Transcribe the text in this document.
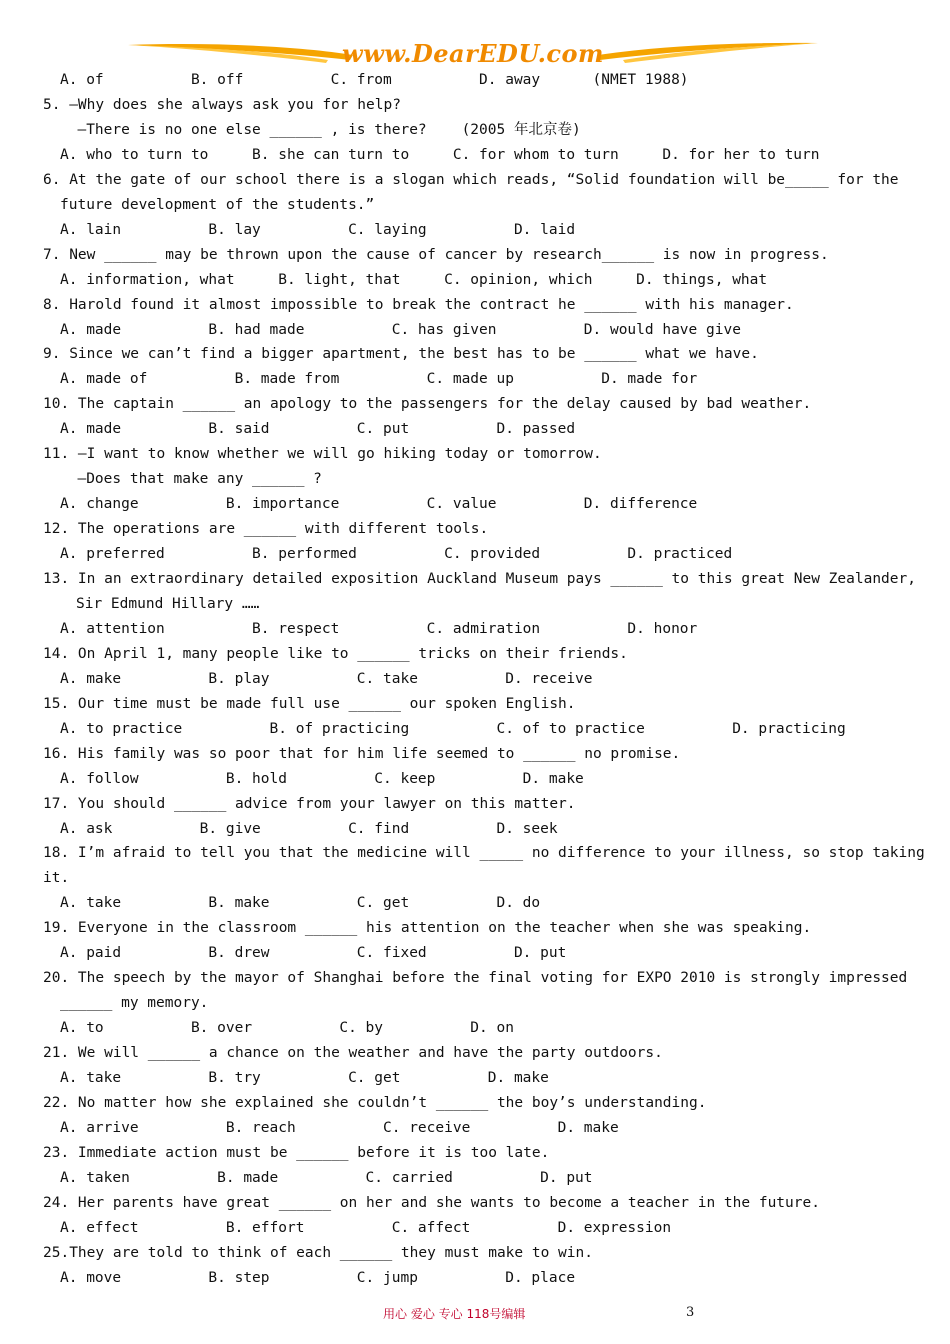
www.DearEDU.com
A. of          B. off          C. from          D. away      (NMET 1988)
5. —Why does she always ask you for help?
—There is no one else ______ , is there?    (2005 年北京卷)
A. who to turn to     B. she can turn to     C. for whom to turn     D. for her to turn
6. At the gate of our school there is a slogan which reads, “Solid foundation will be_____ for the
future development of the students.”
A. lain          B. lay          C. laying          D. laid
7. New ______ may be thrown upon the cause of cancer by research______ is now in progress.
A. information, what     B. light, that     C. opinion, which     D. things, what
8. Harold found it almost impossible to break the contract he ______ with his manager.
A. made          B. had made          C. has given          D. would have give
9. Since we can’t find a bigger apartment, the best has to be ______ what we have.
A. made of          B. made from          C. made up          D. made for
10. The captain ______ an apology to the passengers for the delay caused by bad weather.
A. made          B. said          C. put          D. passed
11. —I want to know whether we will go hiking today or tomorrow.
—Does that make any ______ ?
A. change          B. importance          C. value          D. difference
12. The operations are ______ with different tools.
A. preferred          B. performed          C. provided          D. practiced
13. In an extraordinary detailed exposition Auckland Museum pays ______ to this great New Zealander,
Sir Edmund Hillary ……
A. attention          B. respect          C. admiration          D. honor
14. On April 1, many people like to ______ tricks on their friends.
A. make          B. play          C. take          D. receive
15. Our time must be made full use ______ our spoken English.
A. to practice          B. of practicing          C. of to practice          D. practicing
16. His family was so poor that for him life seemed to ______ no promise.
A. follow          B. hold          C. keep          D. make
17. You should ______ advice from your lawyer on this matter.
A. ask          B. give          C. find          D. seek
18. I’m afraid to tell you that the medicine will _____ no difference to your illness, so stop taking
it.
A. take          B. make          C. get          D. do
19. Everyone in the classroom ______ his attention on the teacher when she was speaking.
A. paid          B. drew          C. fixed          D. put
20. The speech by the mayor of Shanghai before the final voting for EXPO 2010 is strongly impressed
______ my memory.
A. to          B. over          C. by          D. on
21. We will ______ a chance on the weather and have the party outdoors.
A. take          B. try          C. get          D. make
22. No matter how she explained she couldn’t ______ the boy’s understanding.
A. arrive          B. reach          C. receive          D. make
23. Immediate action must be ______ before it is too late.
A. taken          B. made          C. carried          D. put
24. Her parents have great ______ on her and she wants to become a teacher in the future.
A. effect          B. effort          C. affect          D. expression
25.They are told to think of each ______ they must make to win.
A. move          B. step          C. jump          D. place
用心 爱心 专心 118号编辑	3
